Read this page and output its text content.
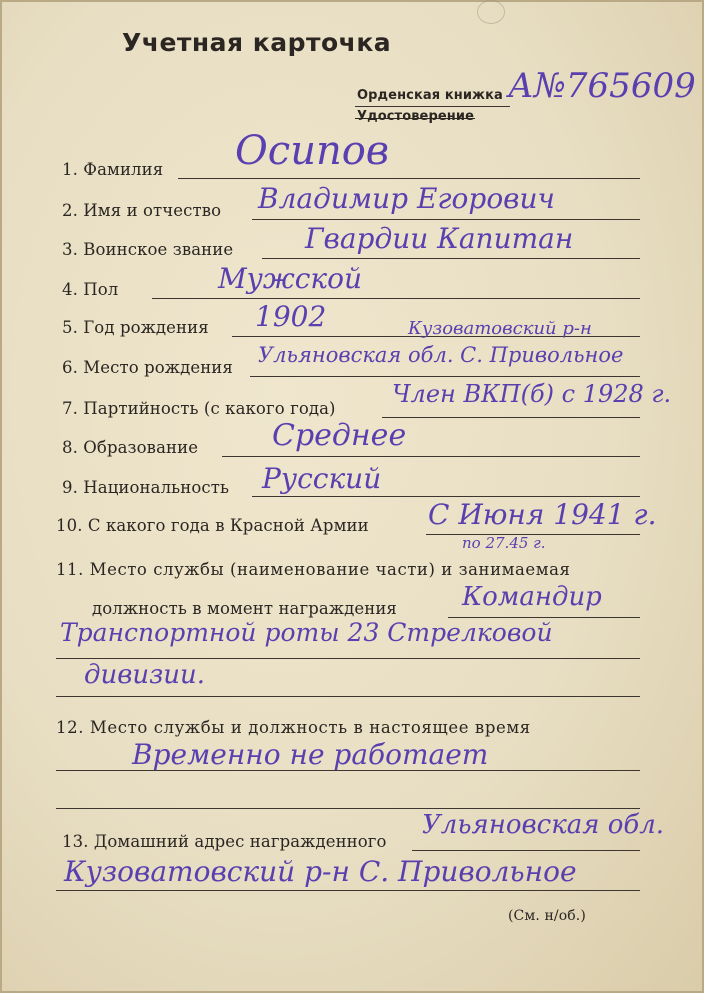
Учетная карточка
Орденская книжка
Удостоверение
А№765609
1. Фамилия Осипов
2. Имя и отчество Владимир Егорович
3. Воинское звание	Гвардии Капитан
4. Пол	Мужской
5. Год рождения 1902	Кузоватовский р-н
6. Место рождения
Ульяновская обл. С. Привольное
7. Партийность (с какого года)
Член ВКП(б) с 1928 г.
8. Образование Среднее
9. Национальность Русский
10. С какого года в Красной Армии С Июня 1941 г.
по 27.45 г.
11. Место службы (наименование части) и занимаемая
должность в момент награждения	Командир
Транспортной роты 23 Стрелковой
дивизии.
12. Место службы и должность в настоящее время
Временно не работает
13. Домашний адрес награжденного
Ульяновская обл.
Кузоватовский р-н С. Привольное
(См. н/об.)
